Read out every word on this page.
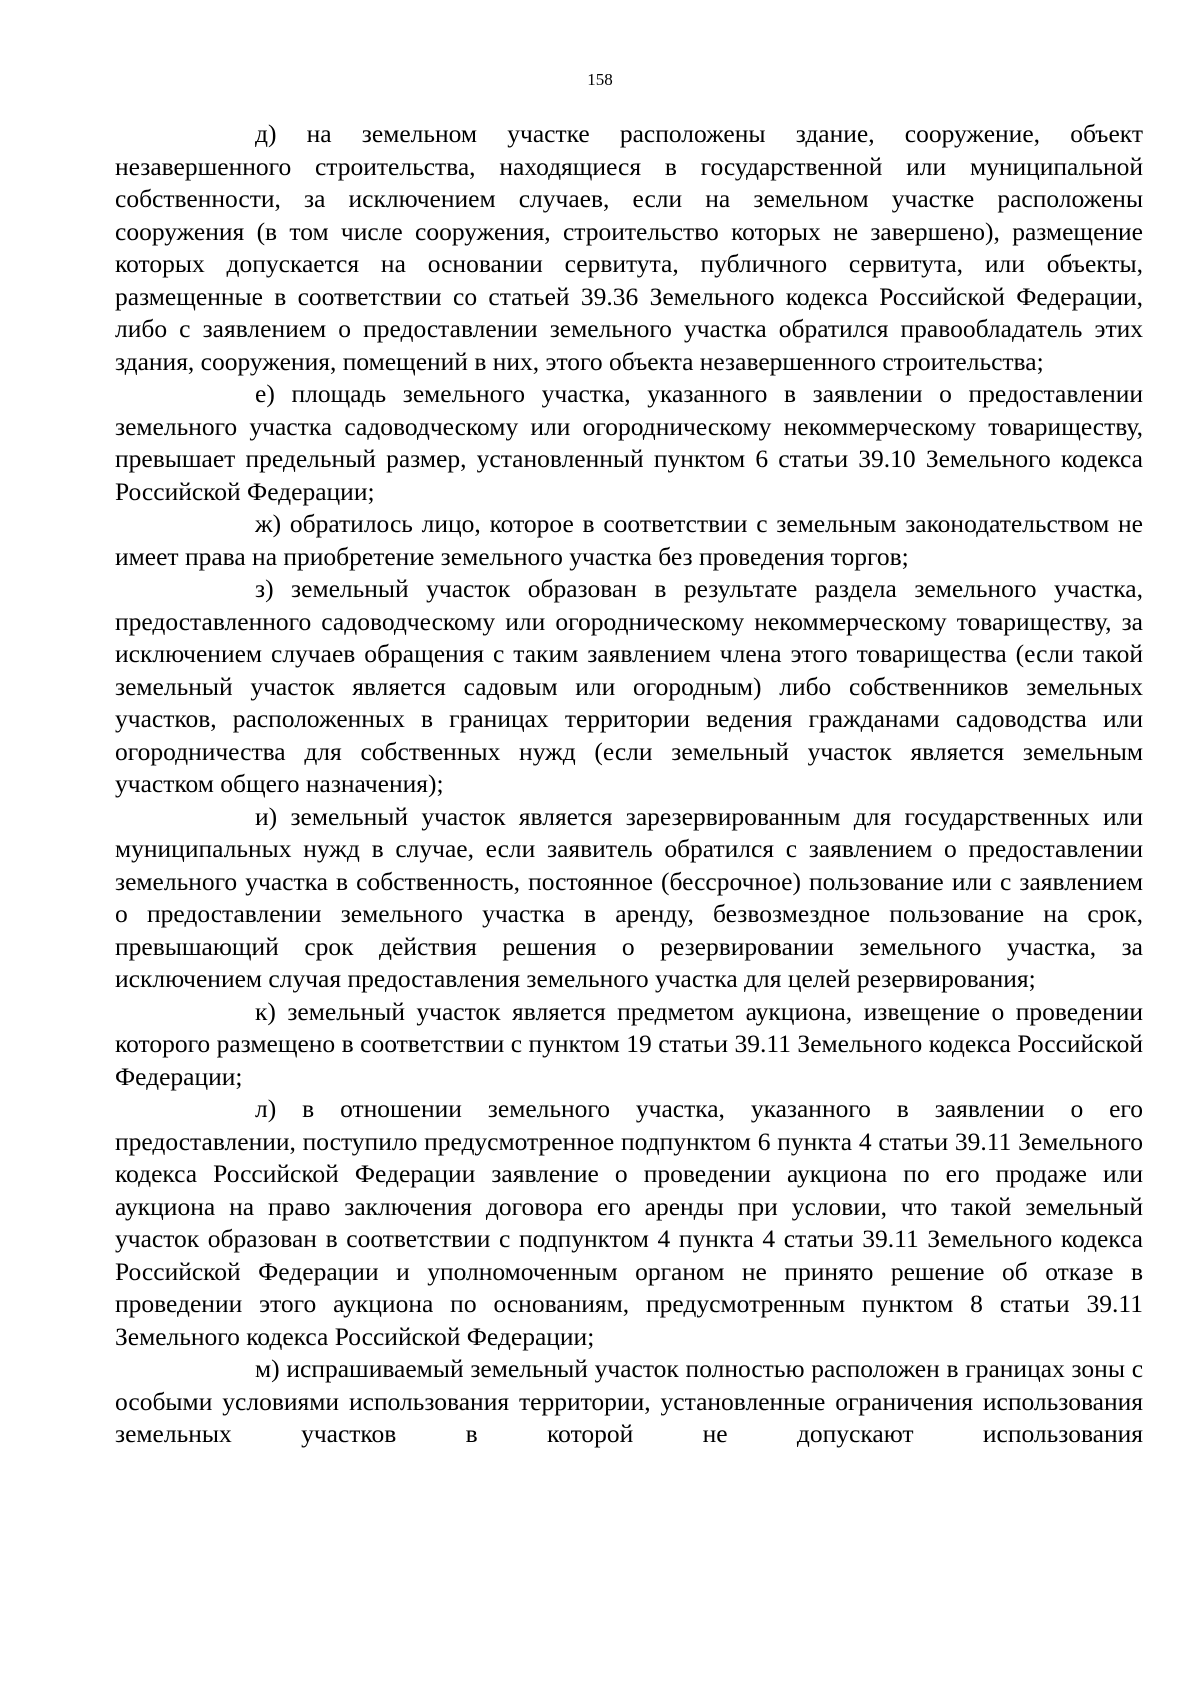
158

д) на земельном участке расположены здание, сооружение, объект незавершенного строительства, находящиеся в государственной или муниципальной собственности, за исключением случаев, если на земельном участке расположены сооружения (в том числе сооружения, строительство которых не завершено), размещение которых допускается на основании сервитута, публичного сервитута, или объекты, размещенные в соответствии со статьей 39.36 Земельного кодекса Российской Федерации, либо с заявлением о предоставлении земельного участка обратился правообладатель этих здания, сооружения, помещений в них, этого объекта незавершенного строительства;

е) площадь земельного участка, указанного в заявлении о предоставлении земельного участка садоводческому или огородническому некоммерческому товариществу, превышает предельный размер, установленный пунктом 6 статьи 39.10 Земельного кодекса Российской Федерации;

ж) обратилось лицо, которое в соответствии с земельным законодательством не имеет права на приобретение земельного участка без проведения торгов;

з) земельный участок образован в результате раздела земельного участка, предоставленного садоводческому или огородническому некоммерческому товариществу, за исключением случаев обращения с таким заявлением члена этого товарищества (если такой земельный участок является садовым или огородным) либо собственников земельных участков, расположенных в границах территории ведения гражданами садоводства или огородничества для собственных нужд (если земельный участок является земельным участком общего назначения);

и) земельный участок является зарезервированным для государственных или муниципальных нужд в случае, если заявитель обратился с заявлением о предоставлении земельного участка в собственность, постоянное (бессрочное) пользование или с заявлением о предоставлении земельного участка в аренду, безвозмездное пользование на срок, превышающий срок действия решения о резервировании земельного участка, за исключением случая предоставления земельного участка для целей резервирования;

к) земельный участок является предметом аукциона, извещение о проведении которого размещено в соответствии с пунктом 19 статьи 39.11 Земельного кодекса Российской Федерации;

л) в отношении земельного участка, указанного в заявлении о его предоставлении, поступило предусмотренное подпунктом 6 пункта 4 статьи 39.11 Земельного кодекса Российской Федерации заявление о проведении аукциона по его продаже или аукциона на право заключения договора его аренды при условии, что такой земельный участок образован в соответствии с подпунктом 4 пункта 4 статьи 39.11 Земельного кодекса Российской Федерации и уполномоченным органом не принято решение об отказе в проведении этого аукциона по основаниям, предусмотренным пунктом 8 статьи 39.11 Земельного кодекса Российской Федерации;

м) испрашиваемый земельный участок полностью расположен в границах зоны с особыми условиями использования территории, установленные ограничения использования земельных участков в которой не допускают использования
